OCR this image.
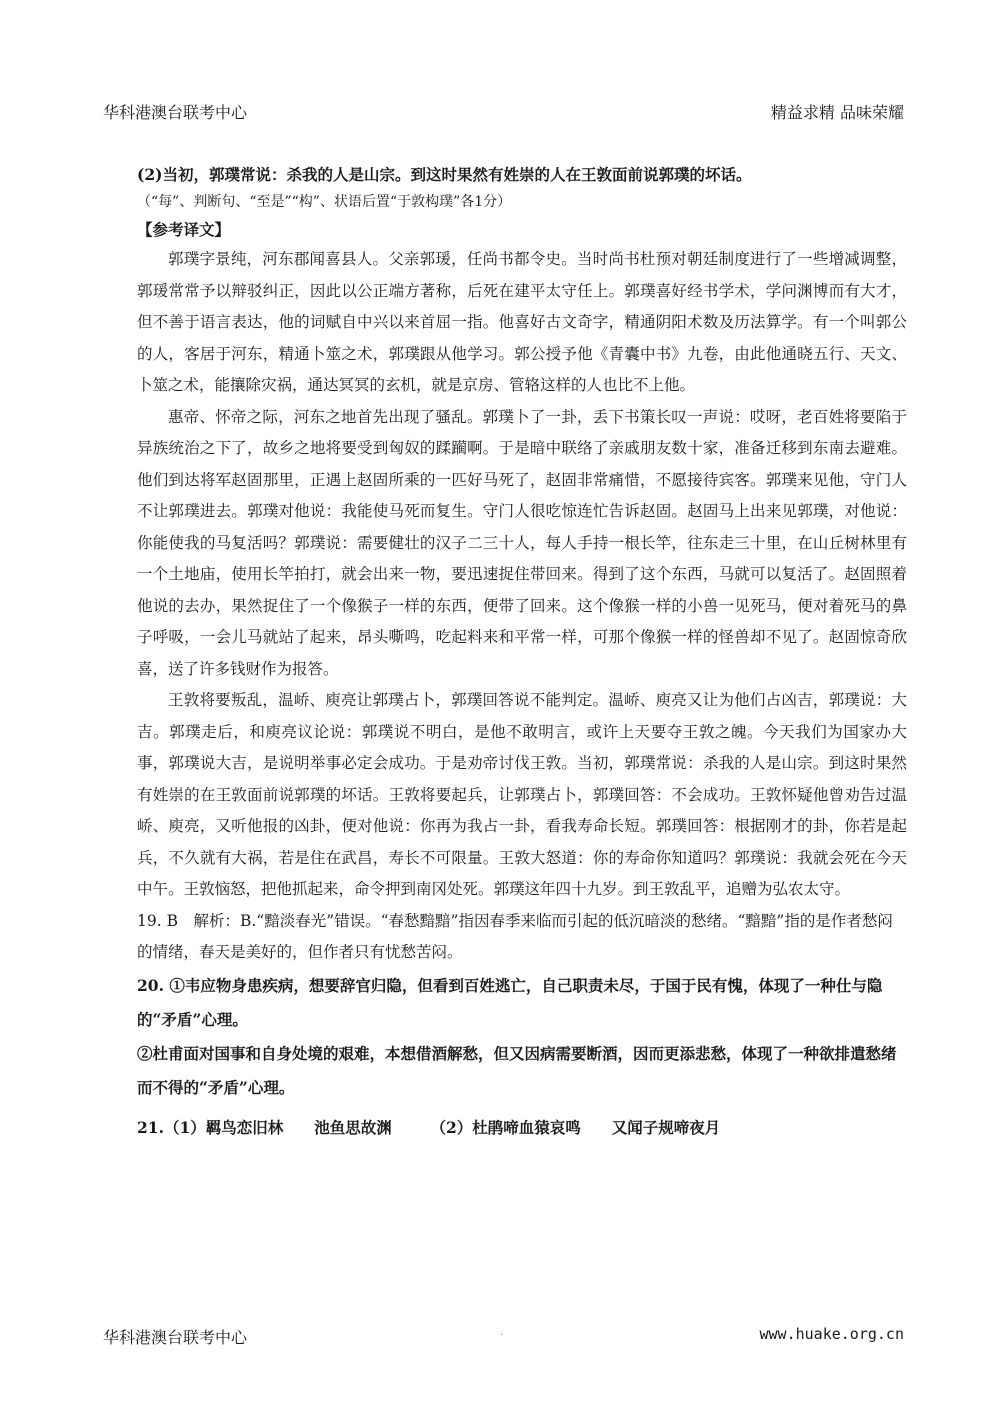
华科港澳台联考中心	精益求精 品味荣耀
(2)当初，郭璞常说：杀我的人是山宗。到这时果然有姓崇的人在王敦面前说郭璞的坏话。
（“每”、判断句、“至是”“构”、状语后置“于敦构璞”各1分）
【参考译文】

郭璞字景纯，河东郡闻喜县人。父亲郭瑗，任尚书都令史。当时尚书杜预对朝廷制度进行了一些增减调整，郭瑗常常予以辩驳纠正，因此以公正端方著称，后死在建平太守任上。郭璞喜好经书学术，学问渊博而有大才，但不善于语言表达，他的词赋自中兴以来首屈一指。他喜好古文奇字，精通阴阳术数及历法算学。有一个叫郭公的人，客居于河东，精通卜筮之术，郭璞跟从他学习。郭公授予他《青囊中书》九卷，由此他通晓五行、天文、卜筮之术，能攘除灾祸，通达冥冥的玄机，就是京房、管辂这样的人也比不上他。

惠帝、怀帝之际，河东之地首先出现了骚乱。郭璞卜了一卦，丢下书策长叹一声说：哎呀，老百姓将要陷于异族统治之下了，故乡之地将要受到匈奴的蹂躏啊。于是暗中联络了亲戚朋友数十家，准备迁移到东南去避难。他们到达将军赵固那里，正遇上赵固所乘的一匹好马死了，赵固非常痛惜，不愿接待宾客。郭璞来见他，守门人不让郭璞进去。郭璞对他说：我能使马死而复生。守门人很吃惊连忙告诉赵固。赵固马上出来见郭璞，对他说：你能使我的马复活吗？郭璞说：需要健壮的汉子二三十人，每人手持一根长竿，往东走三十里，在山丘树林里有一个土地庙，使用长竿拍打，就会出来一物，要迅速捉住带回来。得到了这个东西，马就可以复活了。赵固照着他说的去办，果然捉住了一个像猴子一样的东西，便带了回来。这个像猴一样的小兽一见死马，便对着死马的鼻子呼吸，一会儿马就站了起来，昂头嘶鸣，吃起料来和平常一样，可那个像猴一样的怪兽却不见了。赵固惊奇欣喜，送了许多钱财作为报答。

王敦将要叛乱，温峤、庾亮让郭璞占卜，郭璞回答说不能判定。温峤、庾亮又让为他们占凶吉，郭璞说：大吉。郭璞走后，和庾亮议论说：郭璞说不明白，是他不敢明言，或许上天要夺王敦之魄。今天我们为国家办大事，郭璞说大吉，是说明举事必定会成功。于是劝帝讨伐王敦。当初，郭璞常说：杀我的人是山宗。到这时果然有姓崇的在王敦面前说郭璞的坏话。王敦将要起兵，让郭璞占卜，郭璞回答：不会成功。王敦怀疑他曾劝告过温峤、庾亮，又听他报的凶卦，便对他说：你再为我占一卦，看我寿命长短。郭璞回答：根据刚才的卦，你若是起兵，不久就有大祸，若是住在武昌，寿长不可限量。王敦大怒道：你的寿命你知道吗？郭璞说：我就会死在今天中午。王敦恼怒，把他抓起来，命令押到南冈处死。郭璞这年四十九岁。到王敦乱平，追赠为弘农太守。

19. B　解析：B.“黯淡春光”错误。“春愁黯黯”指因春季来临而引起的低沉暗淡的愁绪。“黯黯”指的是作者愁闷的情绪，春天是美好的，但作者只有忧愁苦闷。

20. ①韦应物身患疾病，想要辞官归隐，但看到百姓逃亡，自己职责未尽，于国于民有愧，体现了一种仕与隐的“矛盾”心理。

②杜甫面对国事和自身处境的艰难，本想借酒解愁，但又因病需要断酒，因而更添悲愁，体现了一种欲排遣愁绪而不得的“矛盾”心理。

21.（1）羁鸟恋旧林　　池鱼思故渊　　　（2）杜鹃啼血猿哀鸣　　又闻子规啼夜月
华科港澳台联考中心	·	www.huake.org.cn
